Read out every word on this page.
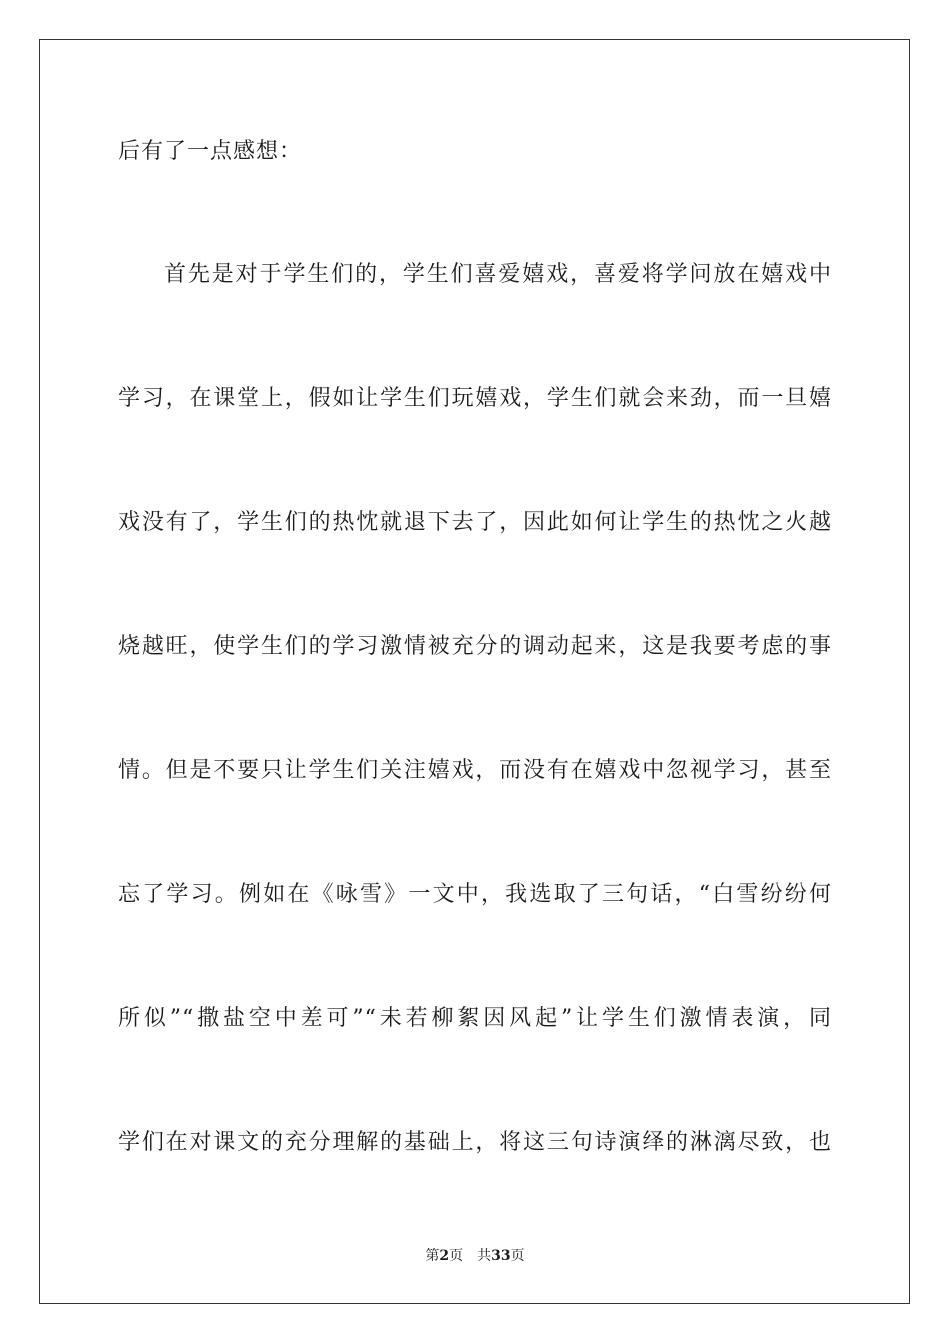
后有了一点感想：
首先是对于学生们的，学生们喜爱嬉戏，喜爱将学问放在嬉戏中
学习，在课堂上，假如让学生们玩嬉戏，学生们就会来劲，而一旦嬉
戏没有了，学生们的热忱就退下去了，因此如何让学生的热忱之火越
烧越旺，使学生们的学习激情被充分的调动起来，这是我要考虑的事
情。但是不要只让学生们关注嬉戏，而没有在嬉戏中忽视学习，甚至
忘了学习。例如在《咏雪》一文中，我选取了三句话，“白雪纷纷何
所似”“撒盐空中差可”“未若柳絮因风起”让学生们激情表演，同
学们在对课文的充分理解的基础上，将这三句诗演绎的淋漓尽致，也
第2页 共33页
